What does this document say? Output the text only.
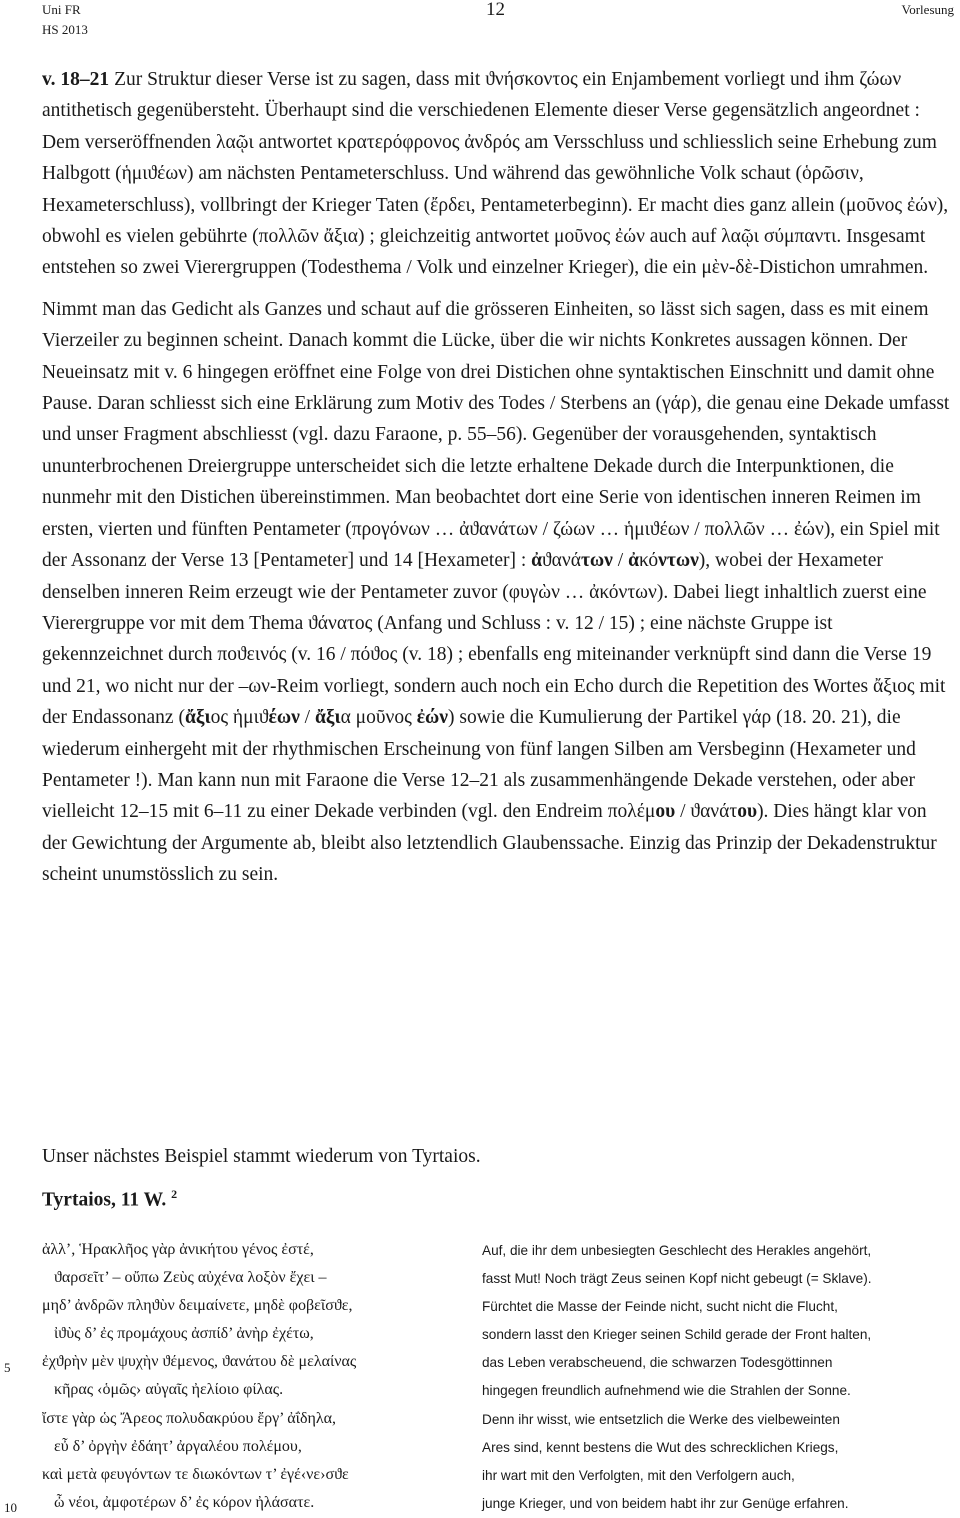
Uni FR
HS 2013
12	Vorlesung

v. 18–21 Zur Struktur dieser Verse ist zu sagen, dass mit ϑνήσκοντος ein Enjambement vorliegt und ihm ζώων antithetisch gegenübersteht. Überhaupt sind die verschiedenen Elemente dieser Verse gegensätzlich angeordnet : Dem verseröffnenden λαῷι antwortet κρατερόφρονος ἀνδρός am Versschluss und schliesslich seine Erhebung zum Halbgott (ἡμιϑέων) am nächsten Pentameterschluss. Und während das gewöhnliche Volk schaut (ὁρῶσιν, Hexameterschluss), vollbringt der Krieger Taten (ἔρδει, Pentameterbeginn). Er macht dies ganz allein (μοῦνος ἐών), obwohl es vielen gebührte (πολλῶν ἄξια) ; gleichzeitig antwortet μοῦνος ἐών auch auf λαῷι σύμπαντι. Insgesamt entstehen so zwei Vierergruppen (Todesthema / Volk und einzelner Krieger), die ein μὲν-δὲ-Distichon umrahmen.

Nimmt man das Gedicht als Ganzes und schaut auf die grösseren Einheiten, so lässt sich sagen, dass es mit einem Vierzeiler zu beginnen scheint. Danach kommt die Lücke, über die wir nichts Konkretes aussagen können. Der Neueinsatz mit v. 6 hingegen eröffnet eine Folge von drei Distichen ohne syntaktischen Einschnitt und damit ohne Pause. Daran schliesst sich eine Erklärung zum Motiv des Todes / Sterbens an (γάρ), die genau eine Dekade umfasst und unser Fragment abschliesst (vgl. dazu Faraone, p. 55–56). Gegenüber der vorausgehenden, syntaktisch ununterbrochenen Dreiergruppe unterscheidet sich die letzte erhaltene Dekade durch die Interpunktionen, die nunmehr mit den Distichen übereinstimmen. Man beobachtet dort eine Serie von identischen inneren Reimen im ersten, vierten und fünften Pentameter (προγόνων … ἀϑανάτων / ζώων … ἡμιϑέων / πολλῶν … ἐών), ein Spiel mit der Assonanz der Verse 13 [Pentameter] und 14 [Hexameter] : ἀϑανάτων / ἀκόντων), wobei der Hexameter denselben inneren Reim erzeugt wie der Pentameter zuvor (φυγὼν … ἀκόντων). Dabei liegt inhaltlich zuerst eine Vierergruppe vor mit dem Thema ϑάνατος (Anfang und Schluss : v. 12 / 15) ; eine nächste Gruppe ist gekennzeichnet durch ποϑεινός (v. 16 / πόϑος (v. 18) ; ebenfalls eng miteinander verknüpft sind dann die Verse 19 und 21, wo nicht nur der –ων-Reim vorliegt, sondern auch noch ein Echo durch die Repetition des Wortes ἄξιος mit der Endassonanz (ἄξιος ἡμιϑέων / ἄξια μοῦνος ἐών) sowie die Kumulierung der Partikel γάρ (18. 20. 21), die wiederum einhergeht mit der rhythmischen Erscheinung von fünf langen Silben am Versbeginn (Hexameter und Pentameter !). Man kann nun mit Faraone die Verse 12–21 als zusammenhängende Dekade verstehen, oder aber vielleicht 12–15 mit 6–11 zu einer Dekade verbinden (vgl. den Endreim πολέμου / ϑανάτου). Dies hängt klar von der Gewichtung der Argumente ab, bleibt also letztendlich Glaubenssache. Einzig das Prinzip der Dekadenstruktur scheint unumstösslich zu sein.

Unser nächstes Beispiel stammt wiederum von Tyrtaios.
Tyrtaios, 11 W. $^2$
ἀλλ’, Ἡρακλῆος γὰρ ἀνικήτου γένος ἐστέ,
ϑαρσεῖτ’ – οὔπω Ζεὺς αὐχένα λοξὸν ἔχει –
μηδ’ ἀνδρῶν πληϑὺν δειμαίνετε, μηδὲ φοβεῖσϑε,
ἰϑὺς δ’ ἐς προμάχους ἀσπίδ’ ἀνὴρ ἐχέτω,
ἐχϑρὴν μὲν ψυχὴν ϑέμενος, ϑανάτου δὲ μελαίνας
κῆρας ‹ὁμῶς› αὐγαῖς ἠελίοιο φίλας.
ἴστε γὰρ ὡς Ἄρεος πολυδακρύου ἔργ’ ἀΐδηλα,
εὖ δ’ ὀργὴν ἐδάητ’ ἀργαλέου πολέμου,
καὶ μετὰ φευγόντων τε διωκόντων τ’ ἐγέ‹νε›σϑε
ὦ νέοι, ἀμφοτέρων δ’ ἐς κόρον ἠλάσατε.
5
10
Auf, die ihr dem unbesiegten Geschlecht des Herakles angehört,
fasst Mut! Noch trägt Zeus seinen Kopf nicht gebeugt (= Sklave).
Fürchtet die Masse der Feinde nicht, sucht nicht die Flucht,
sondern lasst den Krieger seinen Schild gerade der Front halten,
das Leben verabscheuend, die schwarzen Todesgöttinnen
hingegen freundlich aufnehmend wie die Strahlen der Sonne.
Denn ihr wisst, wie entsetzlich die Werke des vielbeweinten
Ares sind, kennt bestens die Wut des schrecklichen Kriegs,
ihr wart mit den Verfolgten, mit den Verfolgern auch,
junge Krieger, und von beidem habt ihr zur Genüge erfahren.
